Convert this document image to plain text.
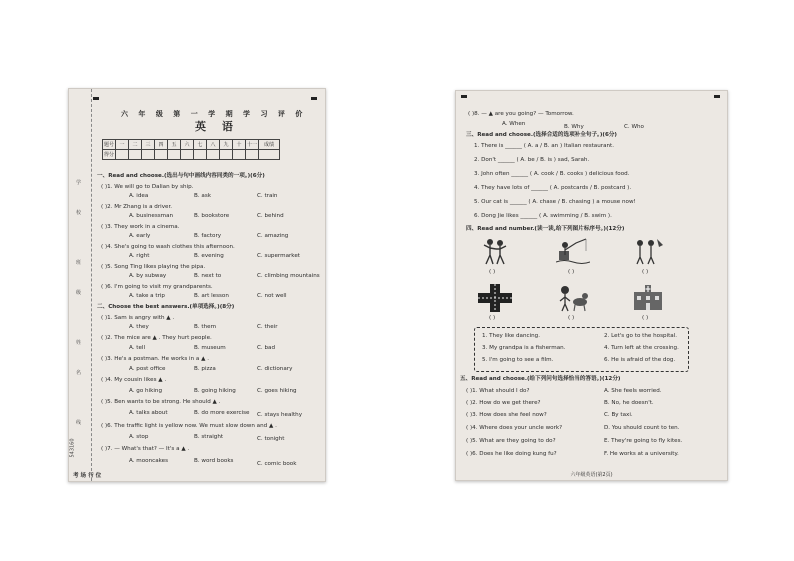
学
校
班
级
姓
名
线
543160
六 年 级 第 一 学 期 学 习 评 价
英 语
题号	一	二	三	四	五	六	七	八	九	十	十一	成绩
得分												
一、Read and choose.(选出与句中画线内容同类的一项。)(6分)
( )1. We will go to Dalian by ship.
A. idea	B. ask	C. train
( )2. Mr Zhang is a driver.
A. businessman	B. bookstore	C. behind
( )3. They work in a cinema.
A. early	B. factory	C. amazing
( )4. She's going to wash clothes this afternoon.
A. right	B. evening	C. supermarket
( )5. Song Ting likes playing the pipa.
A. by subway	B. next to	C. climbing mountains
( )6. I'm going to visit my grandparents.
A. take a trip	B. art lesson	C. not well
二、Choose the best answers.(单项选择。)(8分)
( )1. Sam is angry with ▲ .
A. they	B. them	C. their
( )2. The mice are ▲ . They hurt people.
A. tell	B. museum	C. bad
( )3. He's a postman. He works in a ▲ .
A. post office	B. pizza	C. dictionary
( )4. My cousin likes ▲ .
A. go hiking	B. going hiking	C. goes hiking
( )5. Ben wants to be strong. He should ▲ .
A. talks about	B. do more exercise C. stays healthy
( )6. The traffic light is yellow now. We must slow down and ▲ .
A. stop	B. straight	C. tonight
( )7. — What's that? — It's a ▲ .
A. mooncakes	B. word books	C. comic book
考 场 行 位
( )8. — ▲ are you going? — Tomorrow.
A. When	B. Why	C. Who
三、Read and choose.(选择合适的选项补全句子。)(6分)
1. There is ______ ( A. a / B. an ) Italian restaurant.
2. Don't ______ ( A. be / B. is ) sad, Sarah.
3. John often ______ ( A. cook / B. cooks ) delicious food.
4. They have lots of ______ ( A. postcards / B. postcard ).
5. Our cat is ______ ( A. chase / B. chasing ) a mouse now!
6. Dong Jie likes ______ ( A. swimming / B. swim ).
四、Read and number.(读一读,给下列图片标序号。)(12分)
( )	( )	( )
( )	( )	( )
1. They like dancing.	2. Let's go to the hospital.
3. My grandpa is a fisherman.	4. Turn left at the crossing.
5. I'm going to see a film.	6. He is afraid of the dog.
五、Read and choose.(给下列问句选择恰当的答语。)(12分)
( )1. What should I do?	A. She feels worried.
( )2. How do we get there?	B. No, he doesn't.
( )3. How does she feel now?	C. By taxi.
( )4. Where does your uncle work?	D. You should count to ten.
( )5. What are they going to do?	E. They're going to fly kites.
( )6. Does he like doing kung fu?	F. He works at a university.
六年级英语(第2页)
